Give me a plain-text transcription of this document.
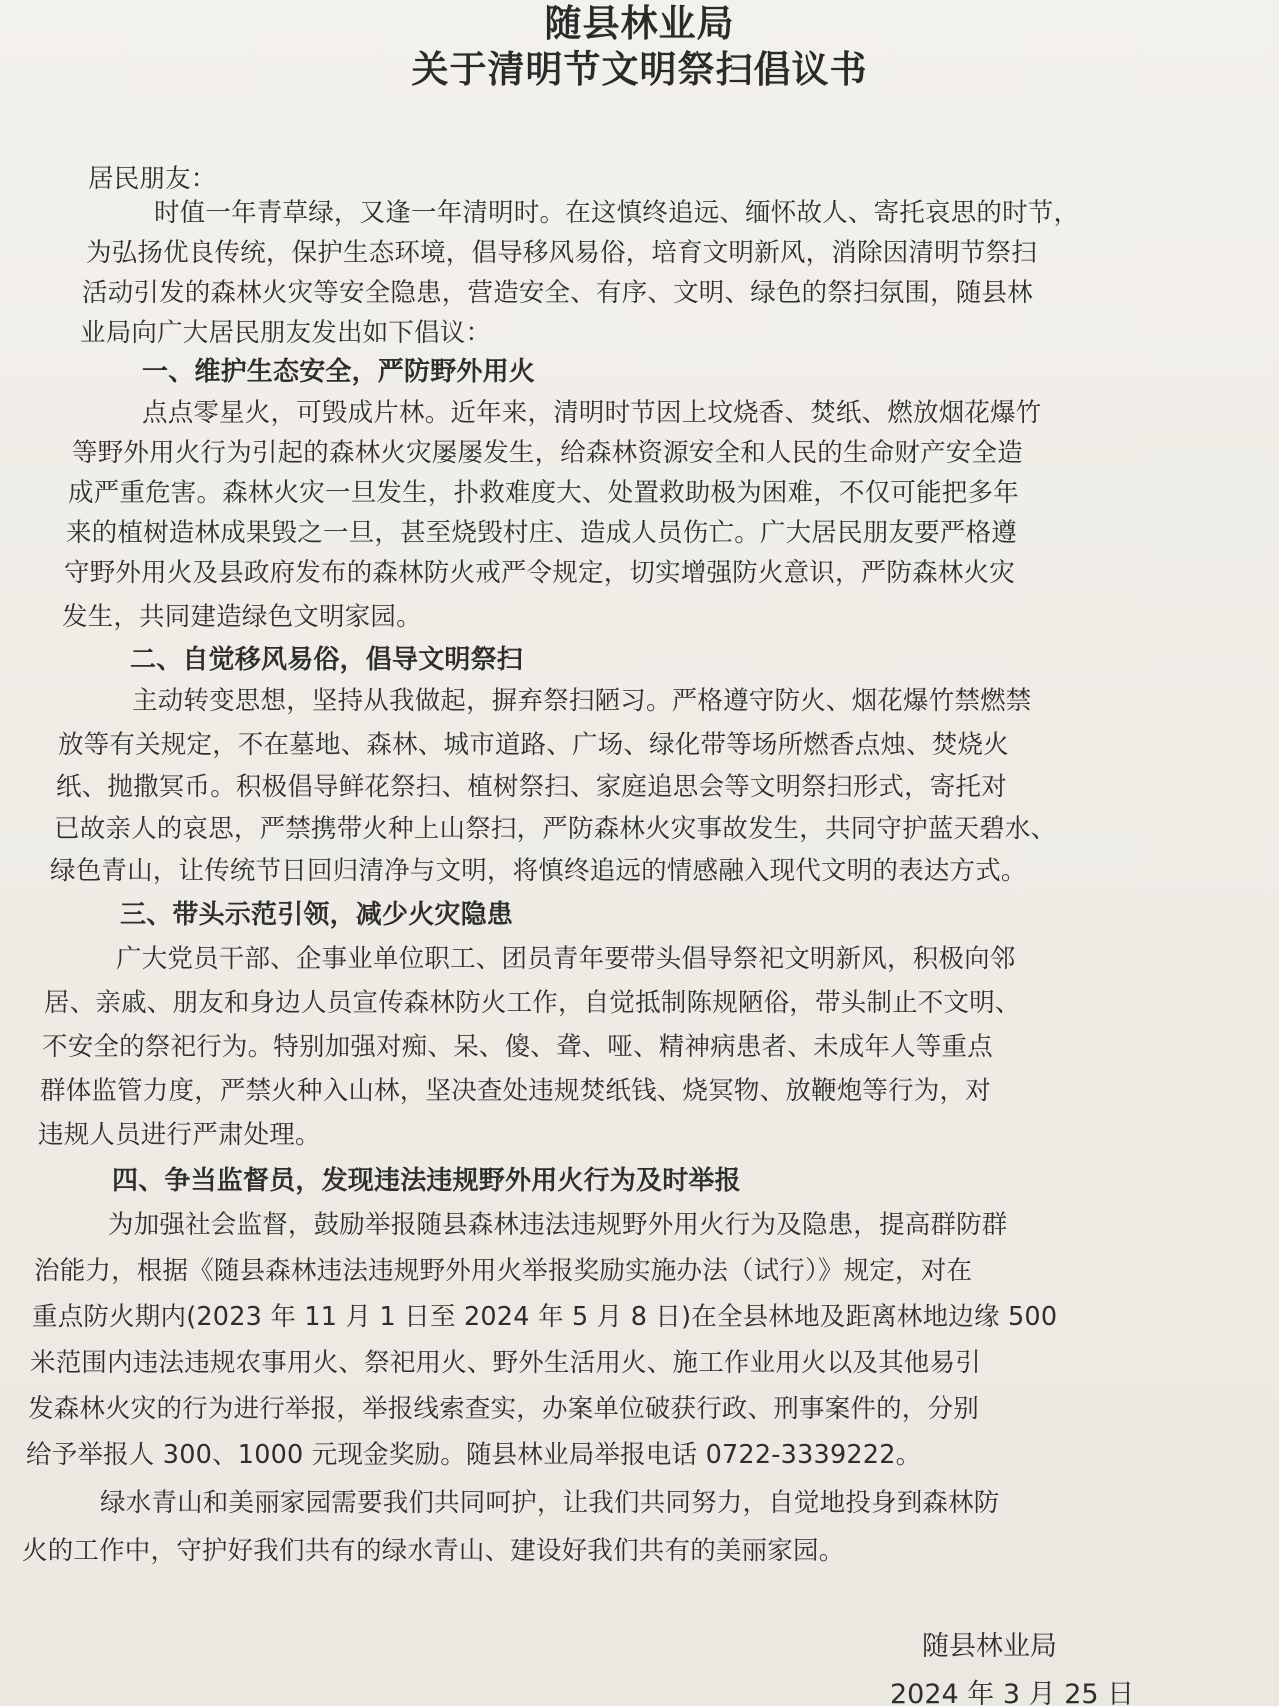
随县林业局
关于清明节文明祭扫倡议书
居民朋友：
时值一年青草绿，又逢一年清明时。在这慎终追远、缅怀故人、寄托哀思的时节，
为弘扬优良传统，保护生态环境，倡导移风易俗，培育文明新风，消除因清明节祭扫
活动引发的森林火灾等安全隐患，营造安全、有序、文明、绿色的祭扫氛围，随县林
业局向广大居民朋友发出如下倡议：
一、维护生态安全，严防野外用火
点点零星火，可毁成片林。近年来，清明时节因上坟烧香、焚纸、燃放烟花爆竹
等野外用火行为引起的森林火灾屡屡发生，给森林资源安全和人民的生命财产安全造
成严重危害。森林火灾一旦发生，扑救难度大、处置救助极为困难，不仅可能把多年
来的植树造林成果毁之一旦，甚至烧毁村庄、造成人员伤亡。广大居民朋友要严格遵
守野外用火及县政府发布的森林防火戒严令规定，切实增强防火意识，严防森林火灾
发生，共同建造绿色文明家园。
二、自觉移风易俗，倡导文明祭扫
主动转变思想，坚持从我做起，摒弃祭扫陋习。严格遵守防火、烟花爆竹禁燃禁
放等有关规定，不在墓地、森林、城市道路、广场、绿化带等场所燃香点烛、焚烧火
纸、抛撒冥币。积极倡导鲜花祭扫、植树祭扫、家庭追思会等文明祭扫形式，寄托对
已故亲人的哀思，严禁携带火种上山祭扫，严防森林火灾事故发生，共同守护蓝天碧水、
绿色青山，让传统节日回归清净与文明，将慎终追远的情感融入现代文明的表达方式。
三、带头示范引领，减少火灾隐患
广大党员干部、企事业单位职工、团员青年要带头倡导祭祀文明新风，积极向邻
居、亲戚、朋友和身边人员宣传森林防火工作，自觉抵制陈规陋俗，带头制止不文明、
不安全的祭祀行为。特别加强对痴、呆、傻、聋、哑、精神病患者、未成年人等重点
群体监管力度，严禁火种入山林，坚决查处违规焚纸钱、烧冥物、放鞭炮等行为，对
违规人员进行严肃处理。
四、争当监督员，发现违法违规野外用火行为及时举报
为加强社会监督，鼓励举报随县森林违法违规野外用火行为及隐患，提高群防群
治能力，根据《随县森林违法违规野外用火举报奖励实施办法（试行）》规定，对在
重点防火期内(2023 年 11 月 1 日至 2024 年 5 月 8 日)在全县林地及距离林地边缘 500
米范围内违法违规农事用火、祭祀用火、野外生活用火、施工作业用火以及其他易引
发森林火灾的行为进行举报，举报线索查实，办案单位破获行政、刑事案件的，分别
给予举报人 300、1000 元现金奖励。随县林业局举报电话 0722-3339222。
绿水青山和美丽家园需要我们共同呵护，让我们共同努力，自觉地投身到森林防
火的工作中，守护好我们共有的绿水青山、建设好我们共有的美丽家园。
随县林业局
2024 年 3 月 25 日
